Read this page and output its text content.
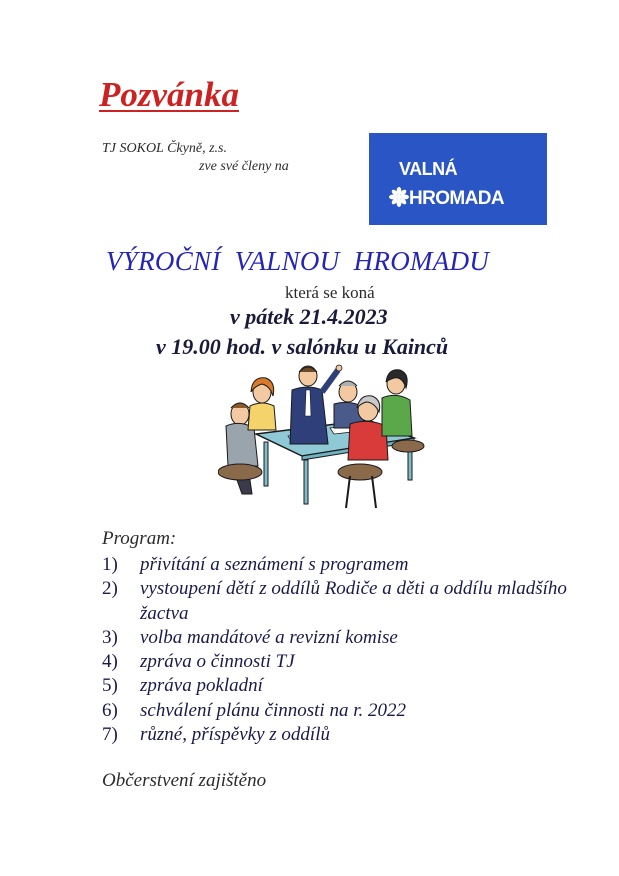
Pozvánka
TJ SOKOL Čkyně, z.s.
zve své členy na	VALNÁ
HROMADA
VÝROČNÍ  VALNOU  HROMADU
která se koná
v pátek 21.4.2023
v 19.00 hod. v salónku u Kainců
Program:
1)	přivítání a seznámení s programem
2)	vystoupení dětí z oddílů Rodiče a děti a oddílu mladšího žactva
3)	volba mandátové a revizní komise
4)	zpráva o činnosti TJ
5)	zpráva pokladní
6)	schválení plánu činnosti na r. 2022
7)	různé, příspěvky z oddílů
Občerstvení zajištěno
